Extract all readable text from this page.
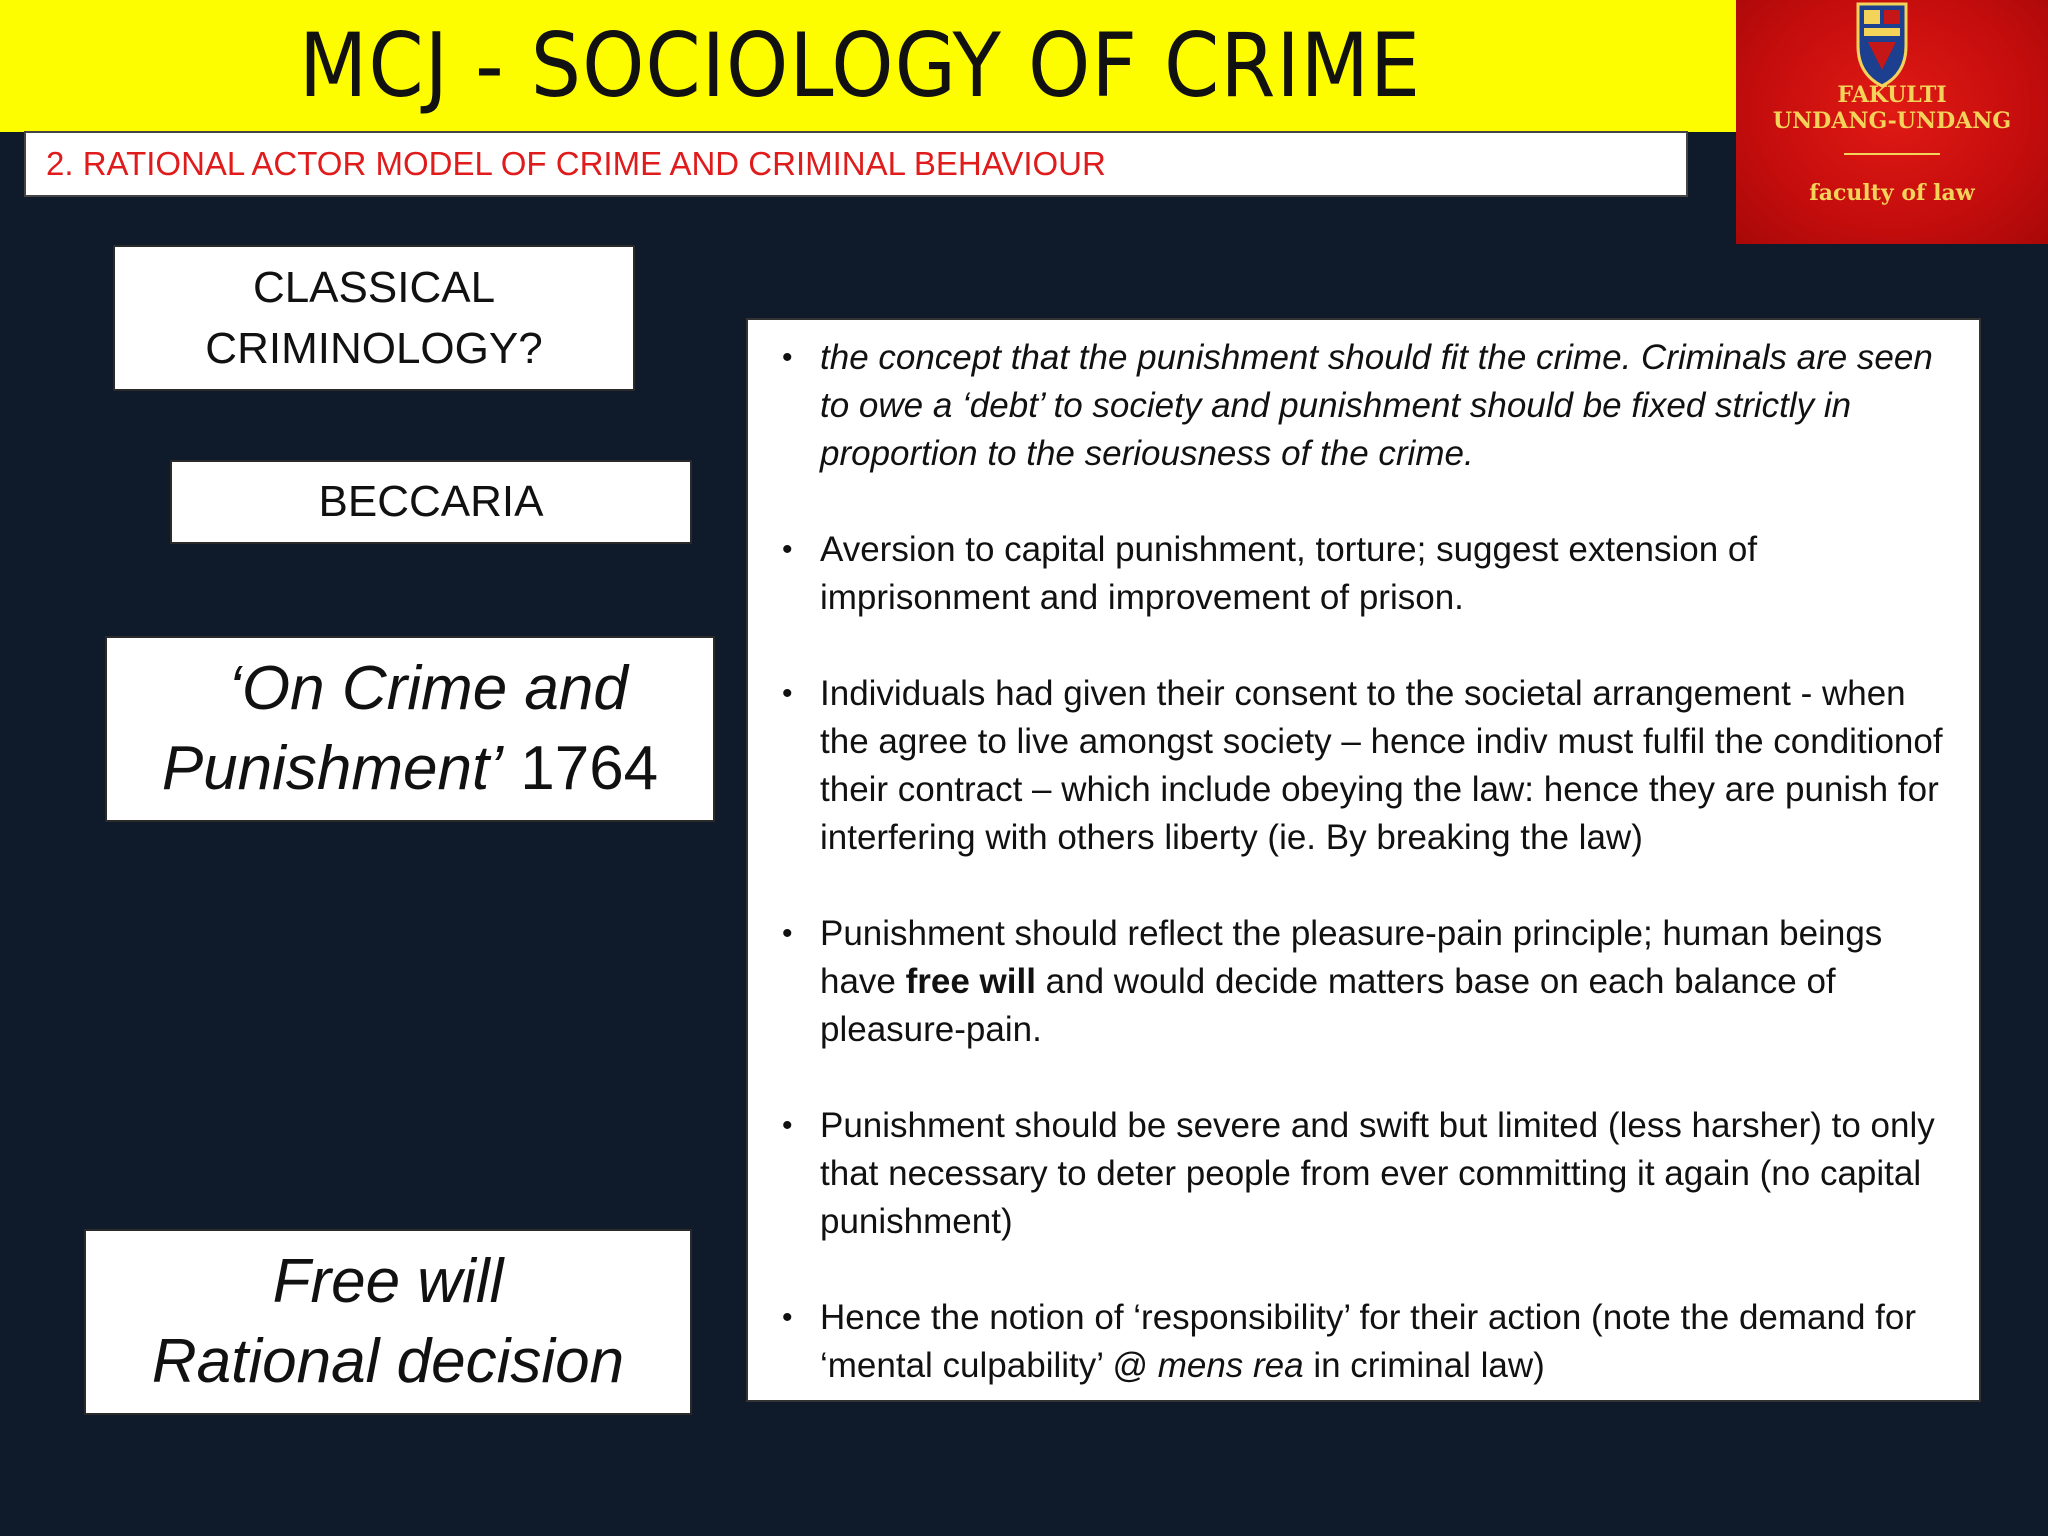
MCJ - SOCIOLOGY OF CRIME
2. RATIONAL ACTOR MODEL OF CRIME AND CRIMINAL BEHAVIOUR
FAKULTI
UNDANG-UNDANG
faculty of law
CLASSICAL
CRIMINOLOGY?
BECCARIA
‘On Crime and
Punishment’ 1764
Free will
Rational decision
• the concept that the punishment should fit the crime. Criminals are seen to owe a ‘debt’ to society and punishment should be fixed strictly in proportion to the seriousness of the crime.
• Aversion to capital punishment, torture; suggest extension of imprisonment and improvement of prison.
• Individuals had given their consent to the societal arrangement - when the agree to live amongst society – hence indiv must fulfil the conditionof their contract – which include obeying the law: hence they are punish for interfering with others liberty (ie. By breaking the law)
• Punishment should reflect the pleasure-pain principle; human beings have free will and would decide matters base on each balance of pleasure-pain.
• Punishment should be severe and swift but limited (less harsher) to only that necessary to deter people from ever committing it again (no capital punishment)
• Hence the notion of ‘responsibility’ for their action (note the demand for ‘mental culpability’ @ mens rea in criminal law)
